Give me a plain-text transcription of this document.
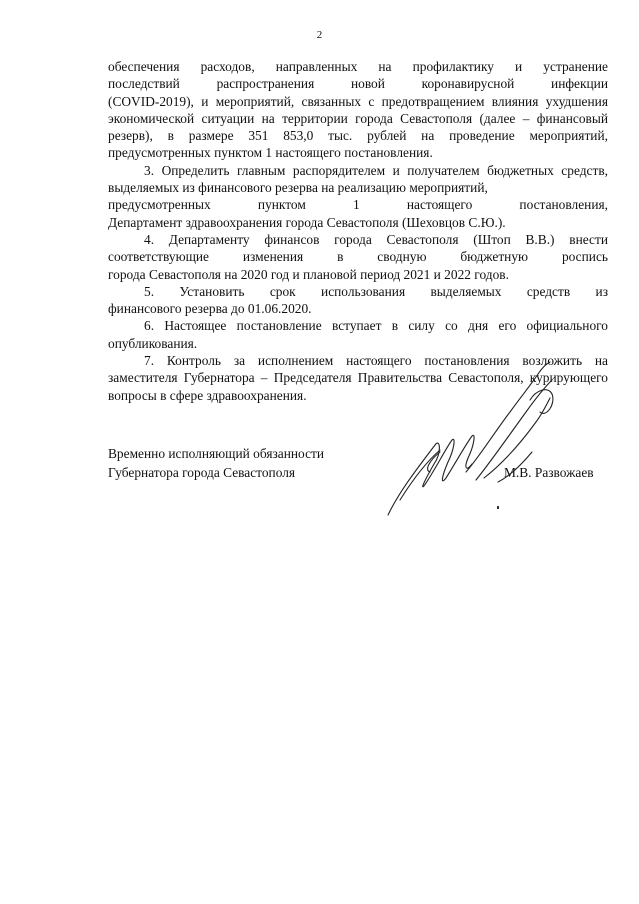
2

обеспечения расходов, направленных на профилактику и устранение
последствий распространения новой коронавирусной инфекции
(COVID-2019), и мероприятий, связанных с предотвращением влияния ухудшения экономической ситуации на территории города Севастополя (далее – финансовый резерв), в размере 351 853,0 тыс. рублей на проведение мероприятий, предусмотренных пунктом 1 настоящего постановления.

3. Определить главным распорядителем и получателем бюджетных средств, выделяемых из финансового резерва на реализацию мероприятий,

предусмотренных пунктом 1 настоящего постановления,

Департамент здравоохранения города Севастополя (Шеховцов С.Ю.).

4. Департаменту финансов города Севастополя (Штоп В.В.) внести

соответствующие изменения в сводную бюджетную роспись

города Севастополя на 2020 год и плановой период 2021 и 2022 годов.

5. Установить срок использования выделяемых средств из

финансового резерва до 01.06.2020.

6. Настоящее постановление вступает в силу со дня его официального опубликования.

7. Контроль за исполнением настоящего постановления возложить на заместителя Губернатора – Председателя Правительства Севастополя, курирующего вопросы в сфере здравоохранения.

Временно исполняющий обязанности
Губернатора города Севастополя	М.В. Развожаев
